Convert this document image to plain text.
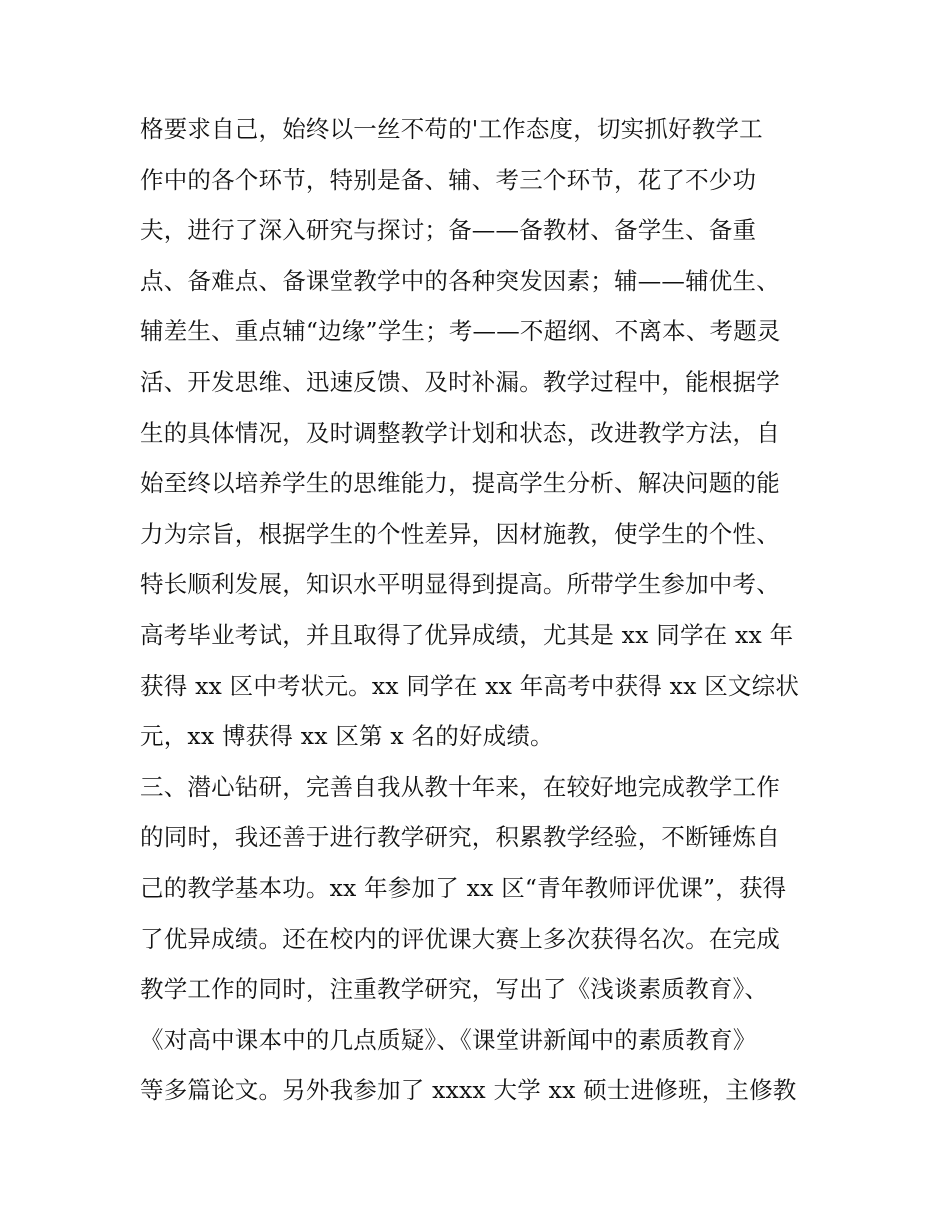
格要求自己，始终以一丝不苟的'工作态度，切实抓好教学工
作中的各个环节，特别是备、辅、考三个环节，花了不少功
夫，进行了深入研究与探讨；备——备教材、备学生、备重
点、备难点、备课堂教学中的各种突发因素；辅——辅优生、
辅差生、重点辅“边缘”学生；考——不超纲、不离本、考题灵
活、开发思维、迅速反馈、及时补漏。教学过程中，能根据学
生的具体情况，及时调整教学计划和状态，改进教学方法，自
始至终以培养学生的思维能力，提高学生分析、解决问题的能
力为宗旨，根据学生的个性差异，因材施教，使学生的个性、
特长顺利发展，知识水平明显得到提高。所带学生参加中考、
高考毕业考试，并且取得了优异成绩，尤其是 xx 同学在 xx 年
获得 xx 区中考状元。xx 同学在 xx 年高考中获得 xx 区文综状
元，xx 博获得 xx 区第 x 名的好成绩。
三、潜心钻研，完善自我从教十年来，在较好地完成教学工作
的同时，我还善于进行教学研究，积累教学经验，不断锤炼自
己的教学基本功。xx 年参加了 xx 区“青年教师评优课”，获得
了优异成绩。还在校内的评优课大赛上多次获得名次。在完成
教学工作的同时，注重教学研究，写出了《浅谈素质教育》、
《对高中课本中的几点质疑》、《课堂讲新闻中的素质教育》
等多篇论文。另外我参加了 xxxx 大学 xx 硕士进修班，主修教
